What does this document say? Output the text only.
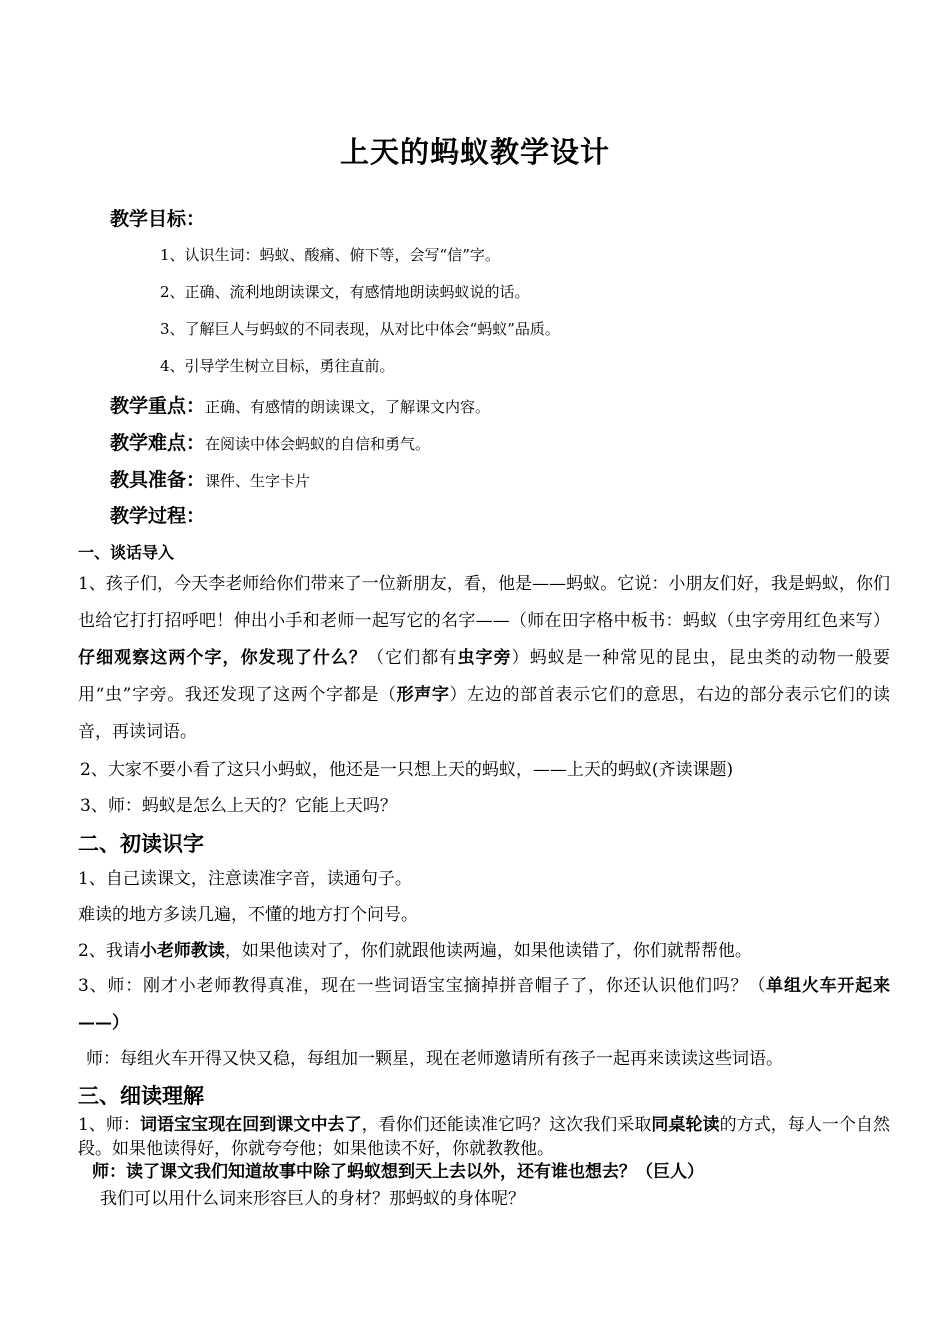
上天的蚂蚁教学设计
教学目标：
1、认识生词：蚂蚁、酸痛、俯下等，会写“信”字。
2、正确、流利地朗读课文，有感情地朗读蚂蚁说的话。
3、了解巨人与蚂蚁的不同表现，从对比中体会“蚂蚁”品质。
4、引导学生树立目标，勇往直前。
教学重点：正确、有感情的朗读课文，了解课文内容。
教学难点：在阅读中体会蚂蚁的自信和勇气。
教具准备：课件、生字卡片
教学过程：
一、谈话导入
1、孩子们，今天李老师给你们带来了一位新朋友，看，他是——蚂蚁。它说：小朋友们好，我是蚂蚁，你们也给它打打招呼吧！伸出小手和老师一起写它的名字——（师在田字格中板书：蚂蚁（虫字旁用红色来写）仔细观察这两个字，你发现了什么？（它们都有虫字旁）蚂蚁是一种常见的昆虫，昆虫类的动物一般要用“虫”字旁。我还发现了这两个字都是（形声字）左边的部首表示它们的意思，右边的部分表示它们的读音，再读词语。
2、大家不要小看了这只小蚂蚁，他还是一只想上天的蚂蚁，——上天的蚂蚁(齐读课题)
3、师：蚂蚁是怎么上天的？它能上天吗？
二、初读识字
1、自己读课文，注意读准字音，读通句子。
难读的地方多读几遍，不懂的地方打个问号。
2、我请小老师教读，如果他读对了，你们就跟他读两遍，如果他读错了，你们就帮帮他。
3、师：刚才小老师教得真准，现在一些词语宝宝摘掉拼音帽子了，你还认识他们吗？（单组火车开起来——）
师：每组火车开得又快又稳，每组加一颗星，现在老师邀请所有孩子一起再来读读这些词语。
三、细读理解
1、师：词语宝宝现在回到课文中去了，看你们还能读准它吗？这次我们采取同桌轮读的方式，每人一个自然段。如果他读得好，你就夸夸他；如果他读不好，你就教教他。
师：读了课文我们知道故事中除了蚂蚁想到天上去以外，还有谁也想去？（巨人）
我们可以用什么词来形容巨人的身材？那蚂蚁的身体呢？
